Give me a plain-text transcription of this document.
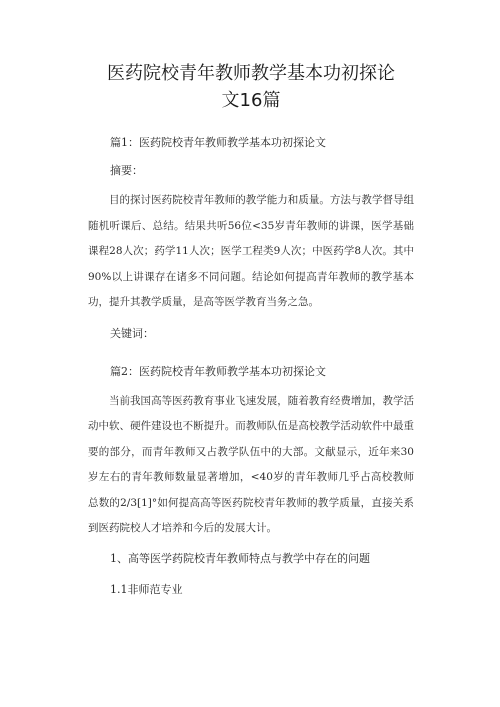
医药院校青年教师教学基本功初探论
文16篇

篇1：医药院校青年教师教学基本功初探论文

摘要：

目的探讨医药院校青年教师的教学能力和质量。方法与教学督导组随机听课后、总结。结果共听56位<35岁青年教师的讲课，医学基础课程28人次；药学11人次；医学工程类9人次；中医药学8人次。其中90%以上讲课存在诸多不同问题。结论如何提高青年教师的教学基本功，提升其教学质量，是高等医学教育当务之急。

关键词：

篇2：医药院校青年教师教学基本功初探论文

当前我国高等医药教育事业飞速发展，随着教育经费增加，教学活动中软、硬件建设也不断提升。而教师队伍是高校教学活动软件中最重要的部分，而青年教师又占教学队伍中的大部。文献显示，近年来30岁左右的青年教师数量显著增加，<40岁的青年教师几乎占高校教师总数的2/3[1]°如何提高高等医药院校青年教师的教学质量，直接关系到医药院校人才培养和今后的发展大计。

1、高等医学药院校青年教师特点与教学中存在的问题

1.1非师范专业
